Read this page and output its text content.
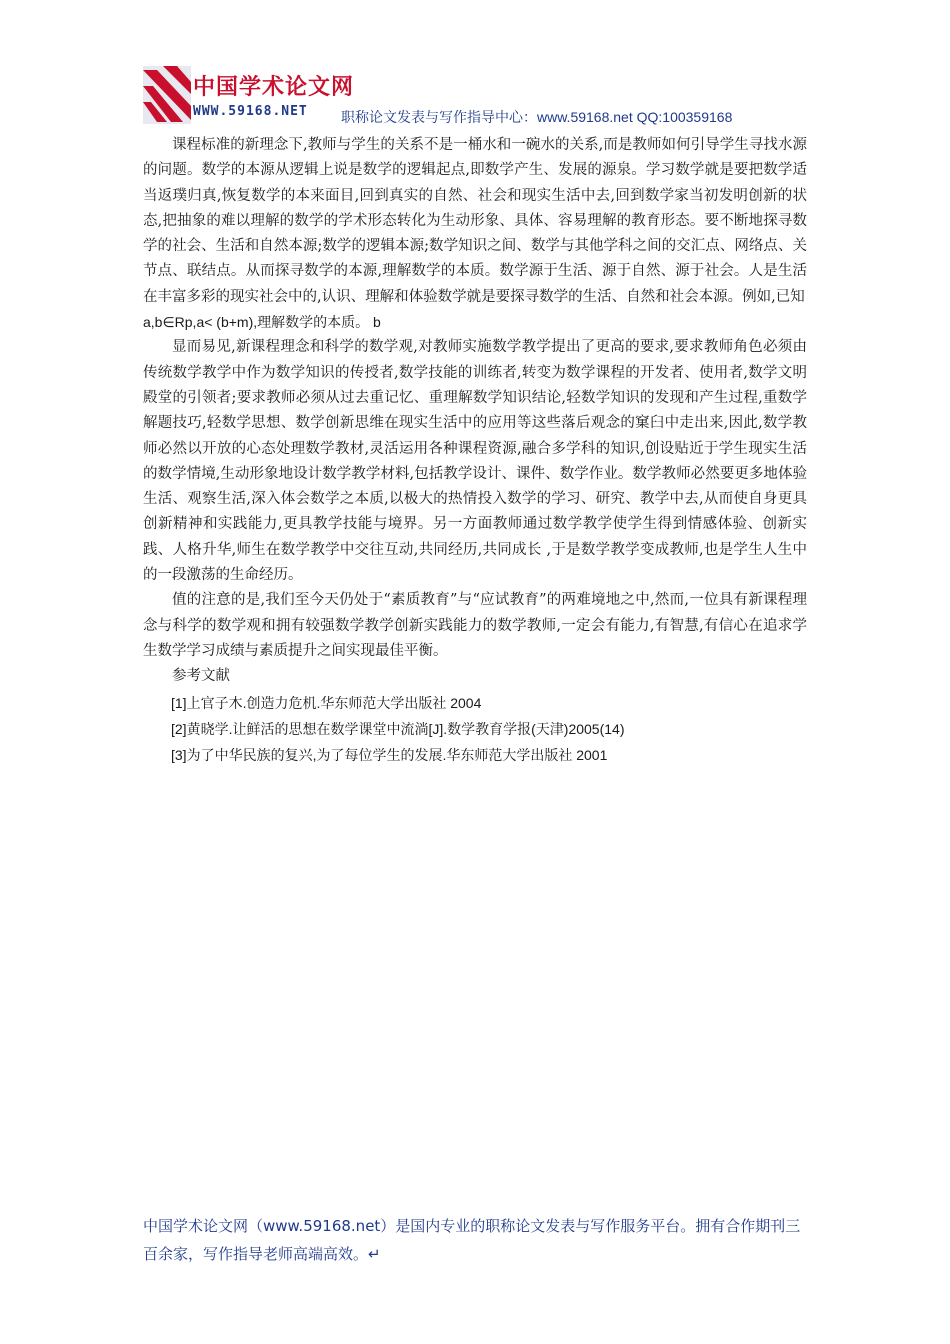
中国学术论文网
WWW.59168.NET 职称论文发表与写作指导中心：www.59168.net QQ:100359168

课程标准的新理念下,教师与学生的关系不是一桶水和一碗水的关系,而是教师如何引导学生寻找水源的问题。数学的本源从逻辑上说是数学的逻辑起点,即数学产生、发展的源泉。学习数学就是要把数学适当返璞归真,恢复数学的本来面目,回到真实的自然、社会和现实生活中去,回到数学家当初发明创新的状态,把抽象的难以理解的数学的学术形态转化为生动形象、具体、容易理解的教育形态。要不断地探寻数学的社会、生活和自然本源;数学的逻辑本源;数学知识之间、数学与其他学科之间的交汇点、网络点、关节点、联结点。从而探寻数学的本源,理解数学的本质。数学源于生活、源于自然、源于社会。人是生活在丰富多彩的现实社会中的,认识、理解和体验数学就是要探寻数学的生活、自然和社会本源。例如,已知

a,b∈Rр,a< (b+m),理解数学的本质。 b

显而易见,新课程理念和科学的数学观,对教师实施数学教学提出了更高的要求,要求教师角色必须由传统数学教学中作为数学知识的传授者,数学技能的训练者,转变为数学课程的开发者、使用者,数学文明殿堂的引领者;要求教师必须从过去重记忆、重理解数学知识结论,轻数学知识的发现和产生过程,重数学解题技巧,轻数学思想、数学创新思维在现实生活中的应用等这些落后观念的窠臼中走出来,因此,数学教师必然以开放的心态处理数学教材,灵活运用各种课程资源,融合多学科的知识,创设贴近于学生现实生活的数学情境,生动形象地设计数学教学材料,包括教学设计、课件、数学作业。数学教师必然要更多地体验生活、观察生活,深入体会数学之本质,以极大的热情投入数学的学习、研究、教学中去,从而使自身更具创新精神和实践能力,更具教学技能与境界。另一方面教师通过数学教学使学生得到情感体验、创新实践、人格升华,师生在数学教学中交往互动,共同经历,共同成长 ,于是数学教学变成教师,也是学生人生中的一段激荡的生命经历。

值的注意的是,我们至今天仍处于“素质教育”与“应试教育”的两难境地之中,然而,一位具有新课程理念与科学的数学观和拥有较强数学教学创新实践能力的数学教师,一定会有能力,有智慧,有信心在追求学生数学学习成绩与素质提升之间实现最佳平衡。

参考文献

[1]上官子木.创造力危机.华东师范大学出版社 2004

[2]黄晓学.让鲜活的思想在数学课堂中流淌[J].数学教育学报(天津)2005(14)

[3]为了中华民族的复兴,为了每位学生的发展.华东师范大学出版社 2001

中国学术论文网（www.59168.net）是国内专业的职称论文发表与写作服务平台。拥有合作期刊三百余家，写作指导老师高端高效。↵
